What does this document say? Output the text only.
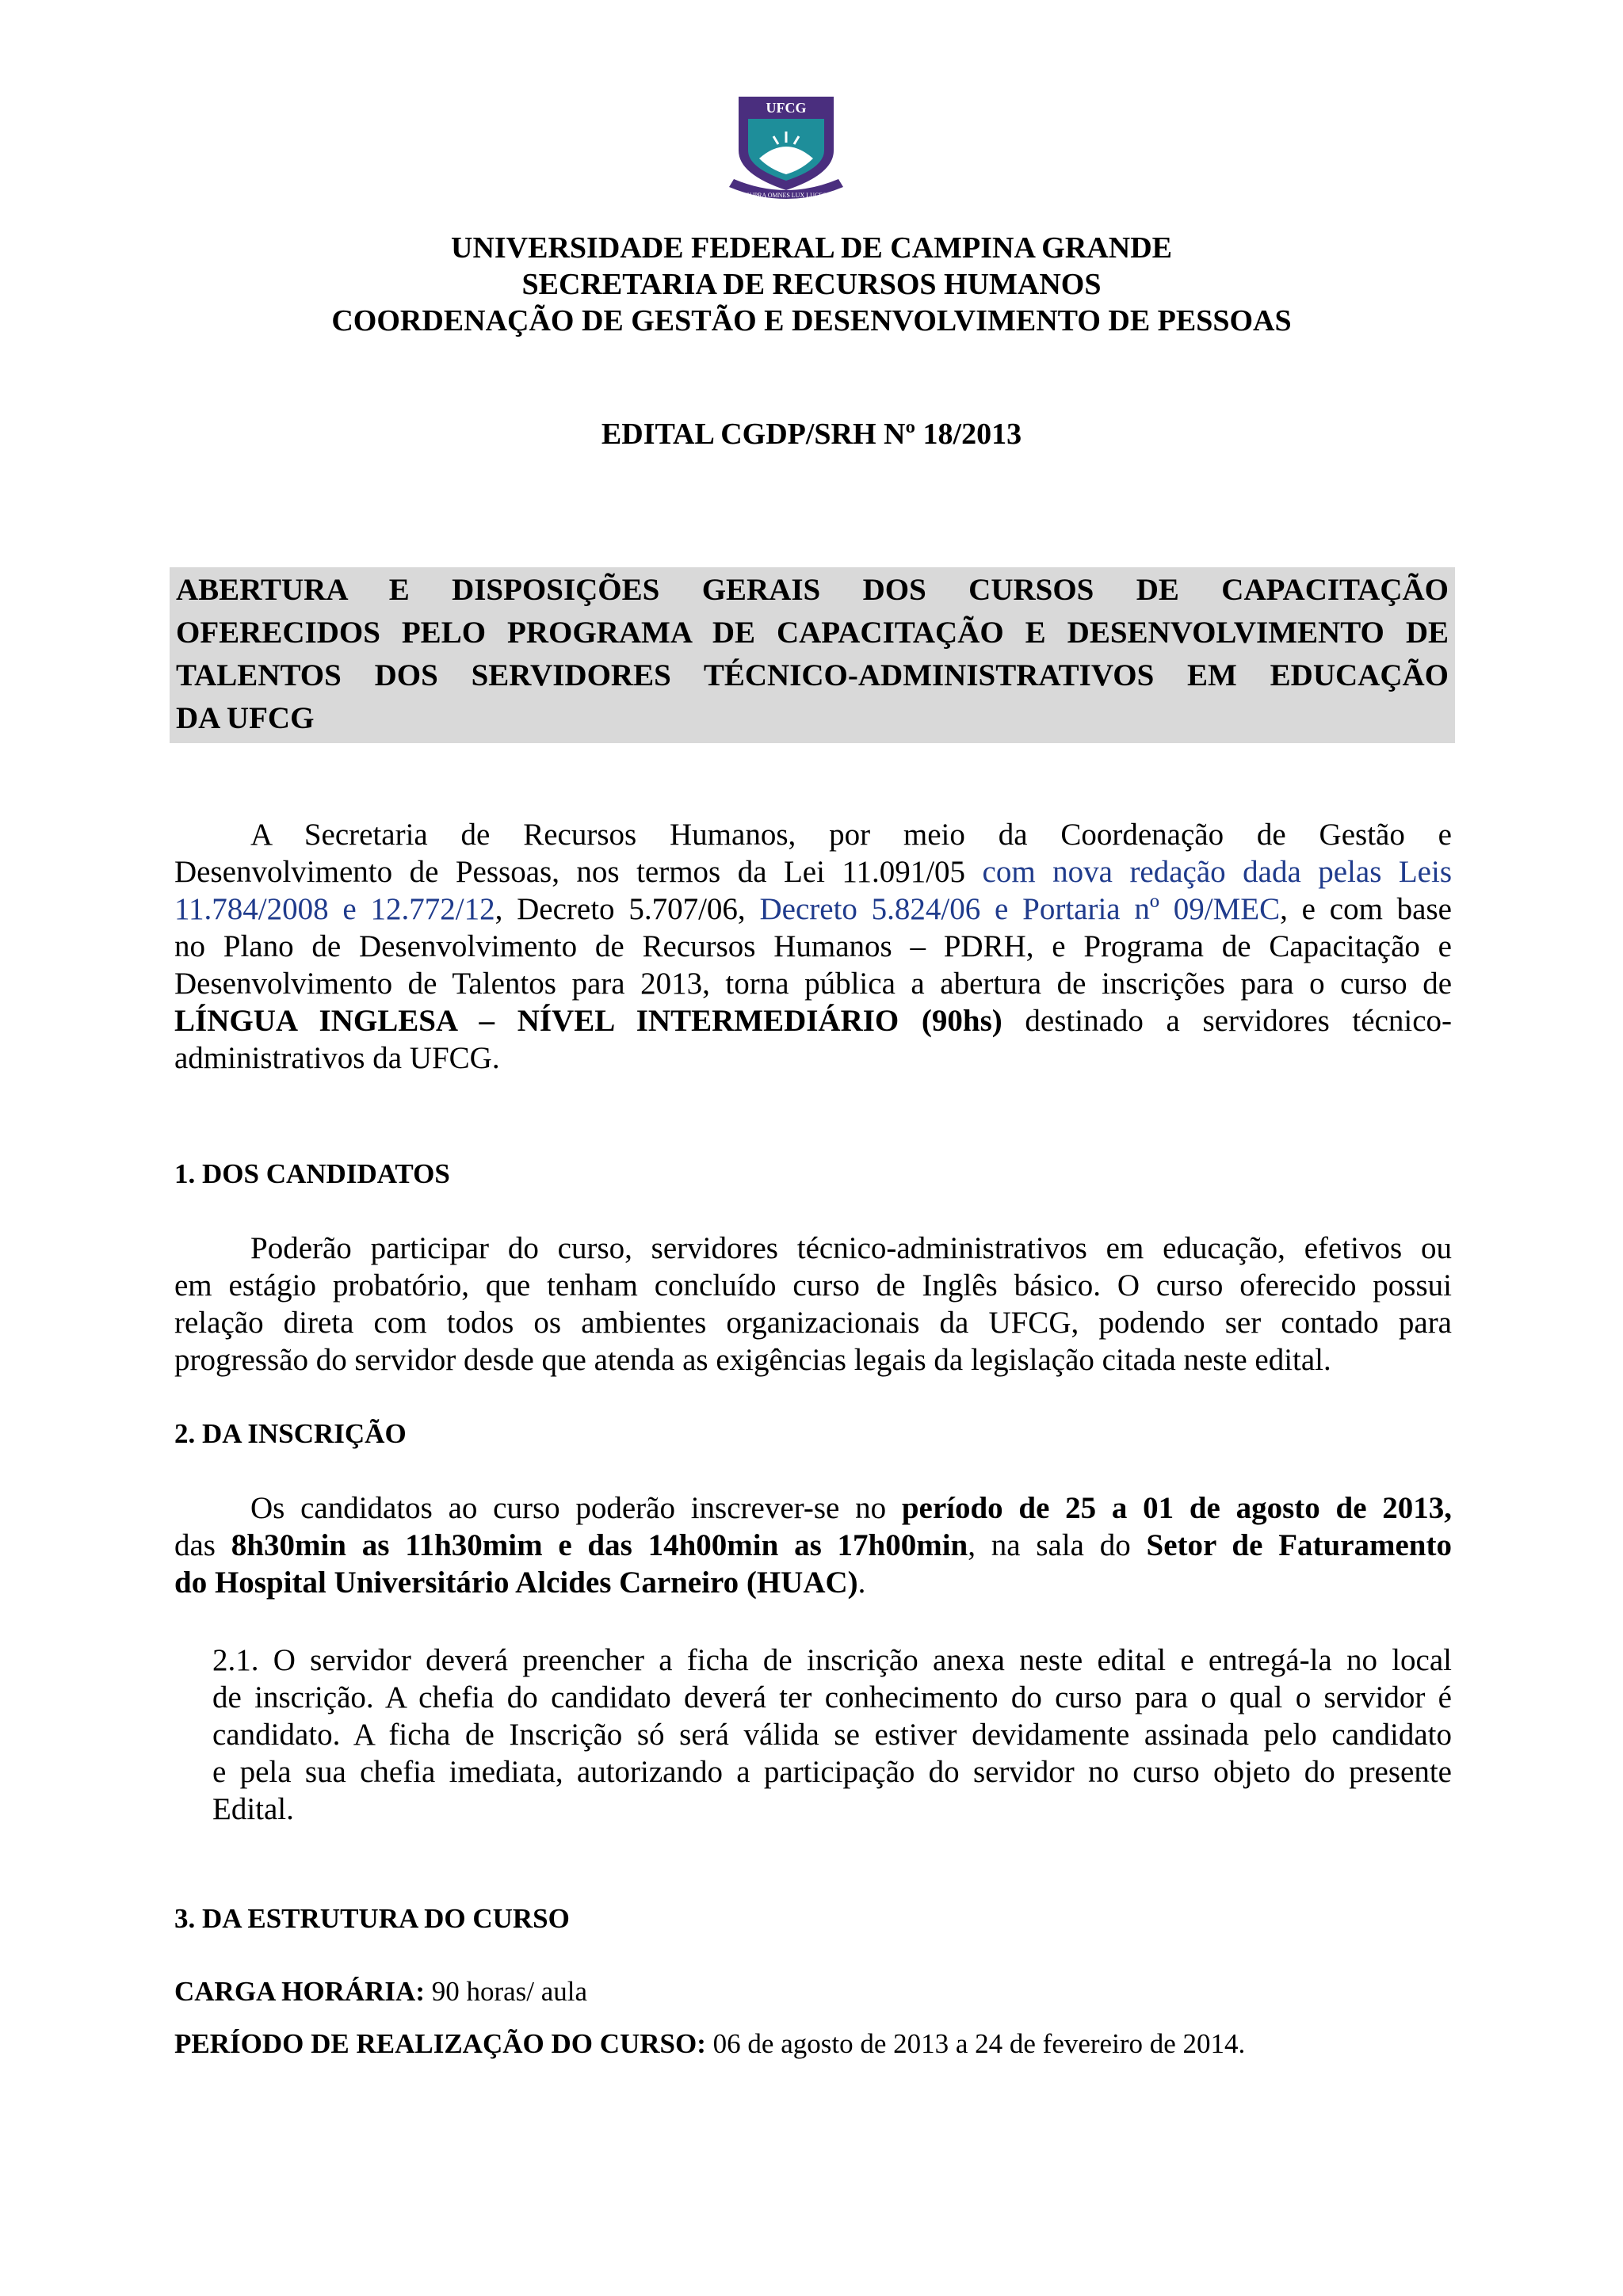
UFCG
SUPRA OMNES LUX LUCES
UNIVERSIDADE FEDERAL DE CAMPINA GRANDE
SECRETARIA DE RECURSOS HUMANOS
COORDENAÇÃO DE GESTÃO E DESENVOLVIMENTO DE PESSOAS
EDITAL CGDP/SRH Nº 18/2013
ABERTURA E DISPOSIÇÕES GERAIS DOS CURSOS DE CAPACITAÇÃO
OFERECIDOS PELO PROGRAMA DE CAPACITAÇÃO E DESENVOLVIMENTO DE
TALENTOS DOS SERVIDORES TÉCNICO-ADMINISTRATIVOS EM EDUCAÇÃO
DA UFCG
A Secretaria de Recursos Humanos, por meio da Coordenação de Gestão e
Desenvolvimento de Pessoas, nos termos da Lei 11.091/05 com nova redação dada pelas Leis
11.784/2008 e 12.772/12, Decreto 5.707/06, Decreto 5.824/06 e Portaria nº 09/MEC, e com base
no Plano de Desenvolvimento de Recursos Humanos – PDRH, e Programa de Capacitação e
Desenvolvimento de Talentos para 2013, torna pública a abertura de inscrições para o curso de
LÍNGUA INGLESA – NÍVEL INTERMEDIÁRIO (90hs) destinado a servidores técnico-
administrativos da UFCG.
1. DOS CANDIDATOS
Poderão participar do curso, servidores técnico-administrativos em educação, efetivos ou
em estágio probatório, que tenham concluído curso de Inglês básico. O curso oferecido possui
relação direta com todos os ambientes organizacionais da UFCG, podendo ser contado para
progressão do servidor desde que atenda as exigências legais da legislação citada neste edital.
2. DA INSCRIÇÃO
Os candidatos ao curso poderão inscrever-se no período de 25 a 01 de agosto de 2013,
das 8h30min as 11h30mim e das 14h00min as 17h00min, na sala do Setor de Faturamento
do Hospital Universitário Alcides Carneiro (HUAC).
2.1. O servidor deverá preencher a ficha de inscrição anexa neste edital e entregá-la no local
de inscrição. A chefia do candidato deverá ter conhecimento do curso para o qual o servidor é
candidato. A ficha de Inscrição só será válida se estiver devidamente assinada pelo candidato
e pela sua chefia imediata, autorizando a participação do servidor no curso objeto do presente
Edital.
3. DA ESTRUTURA DO CURSO
CARGA HORÁRIA: 90 horas/ aula
PERÍODO DE REALIZAÇÃO DO CURSO: 06 de agosto de 2013 a 24 de fevereiro de 2014.
